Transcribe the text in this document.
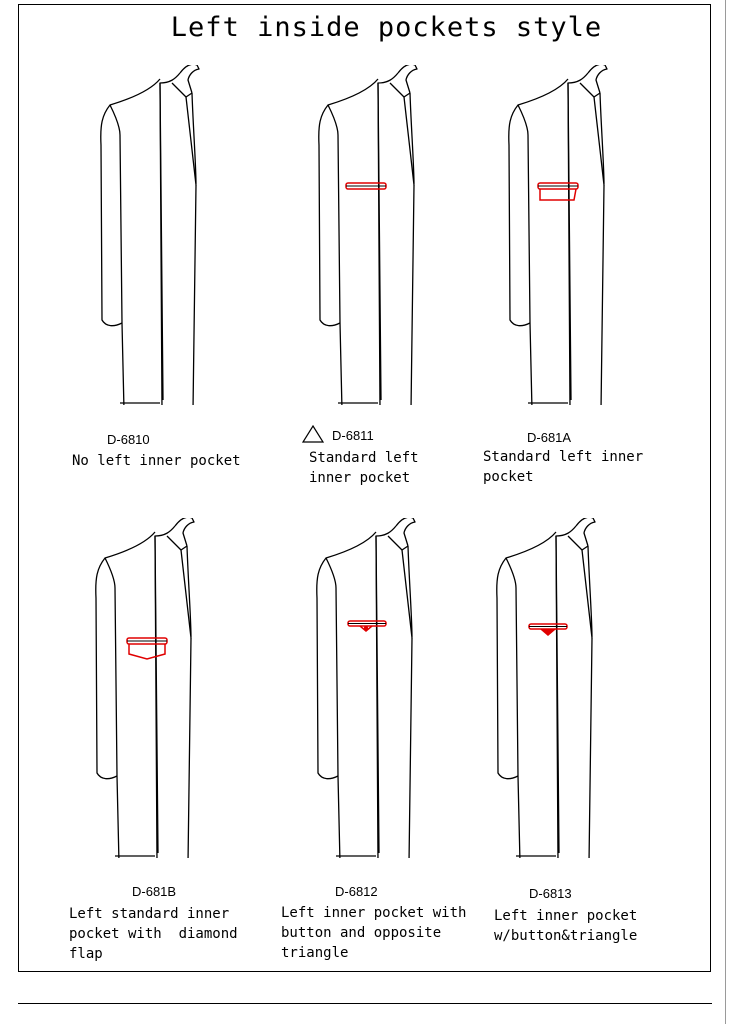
Left inside pockets style
D-6810
No left inner pocket
D-6811
Standard left
inner pocket
D-681A
Standard left inner
pocket
D-681B
Left standard inner
pocket with  diamond
flap
D-6812
Left inner pocket with
button and opposite
triangle
D-6813
Left inner pocket
w/button&triangle
